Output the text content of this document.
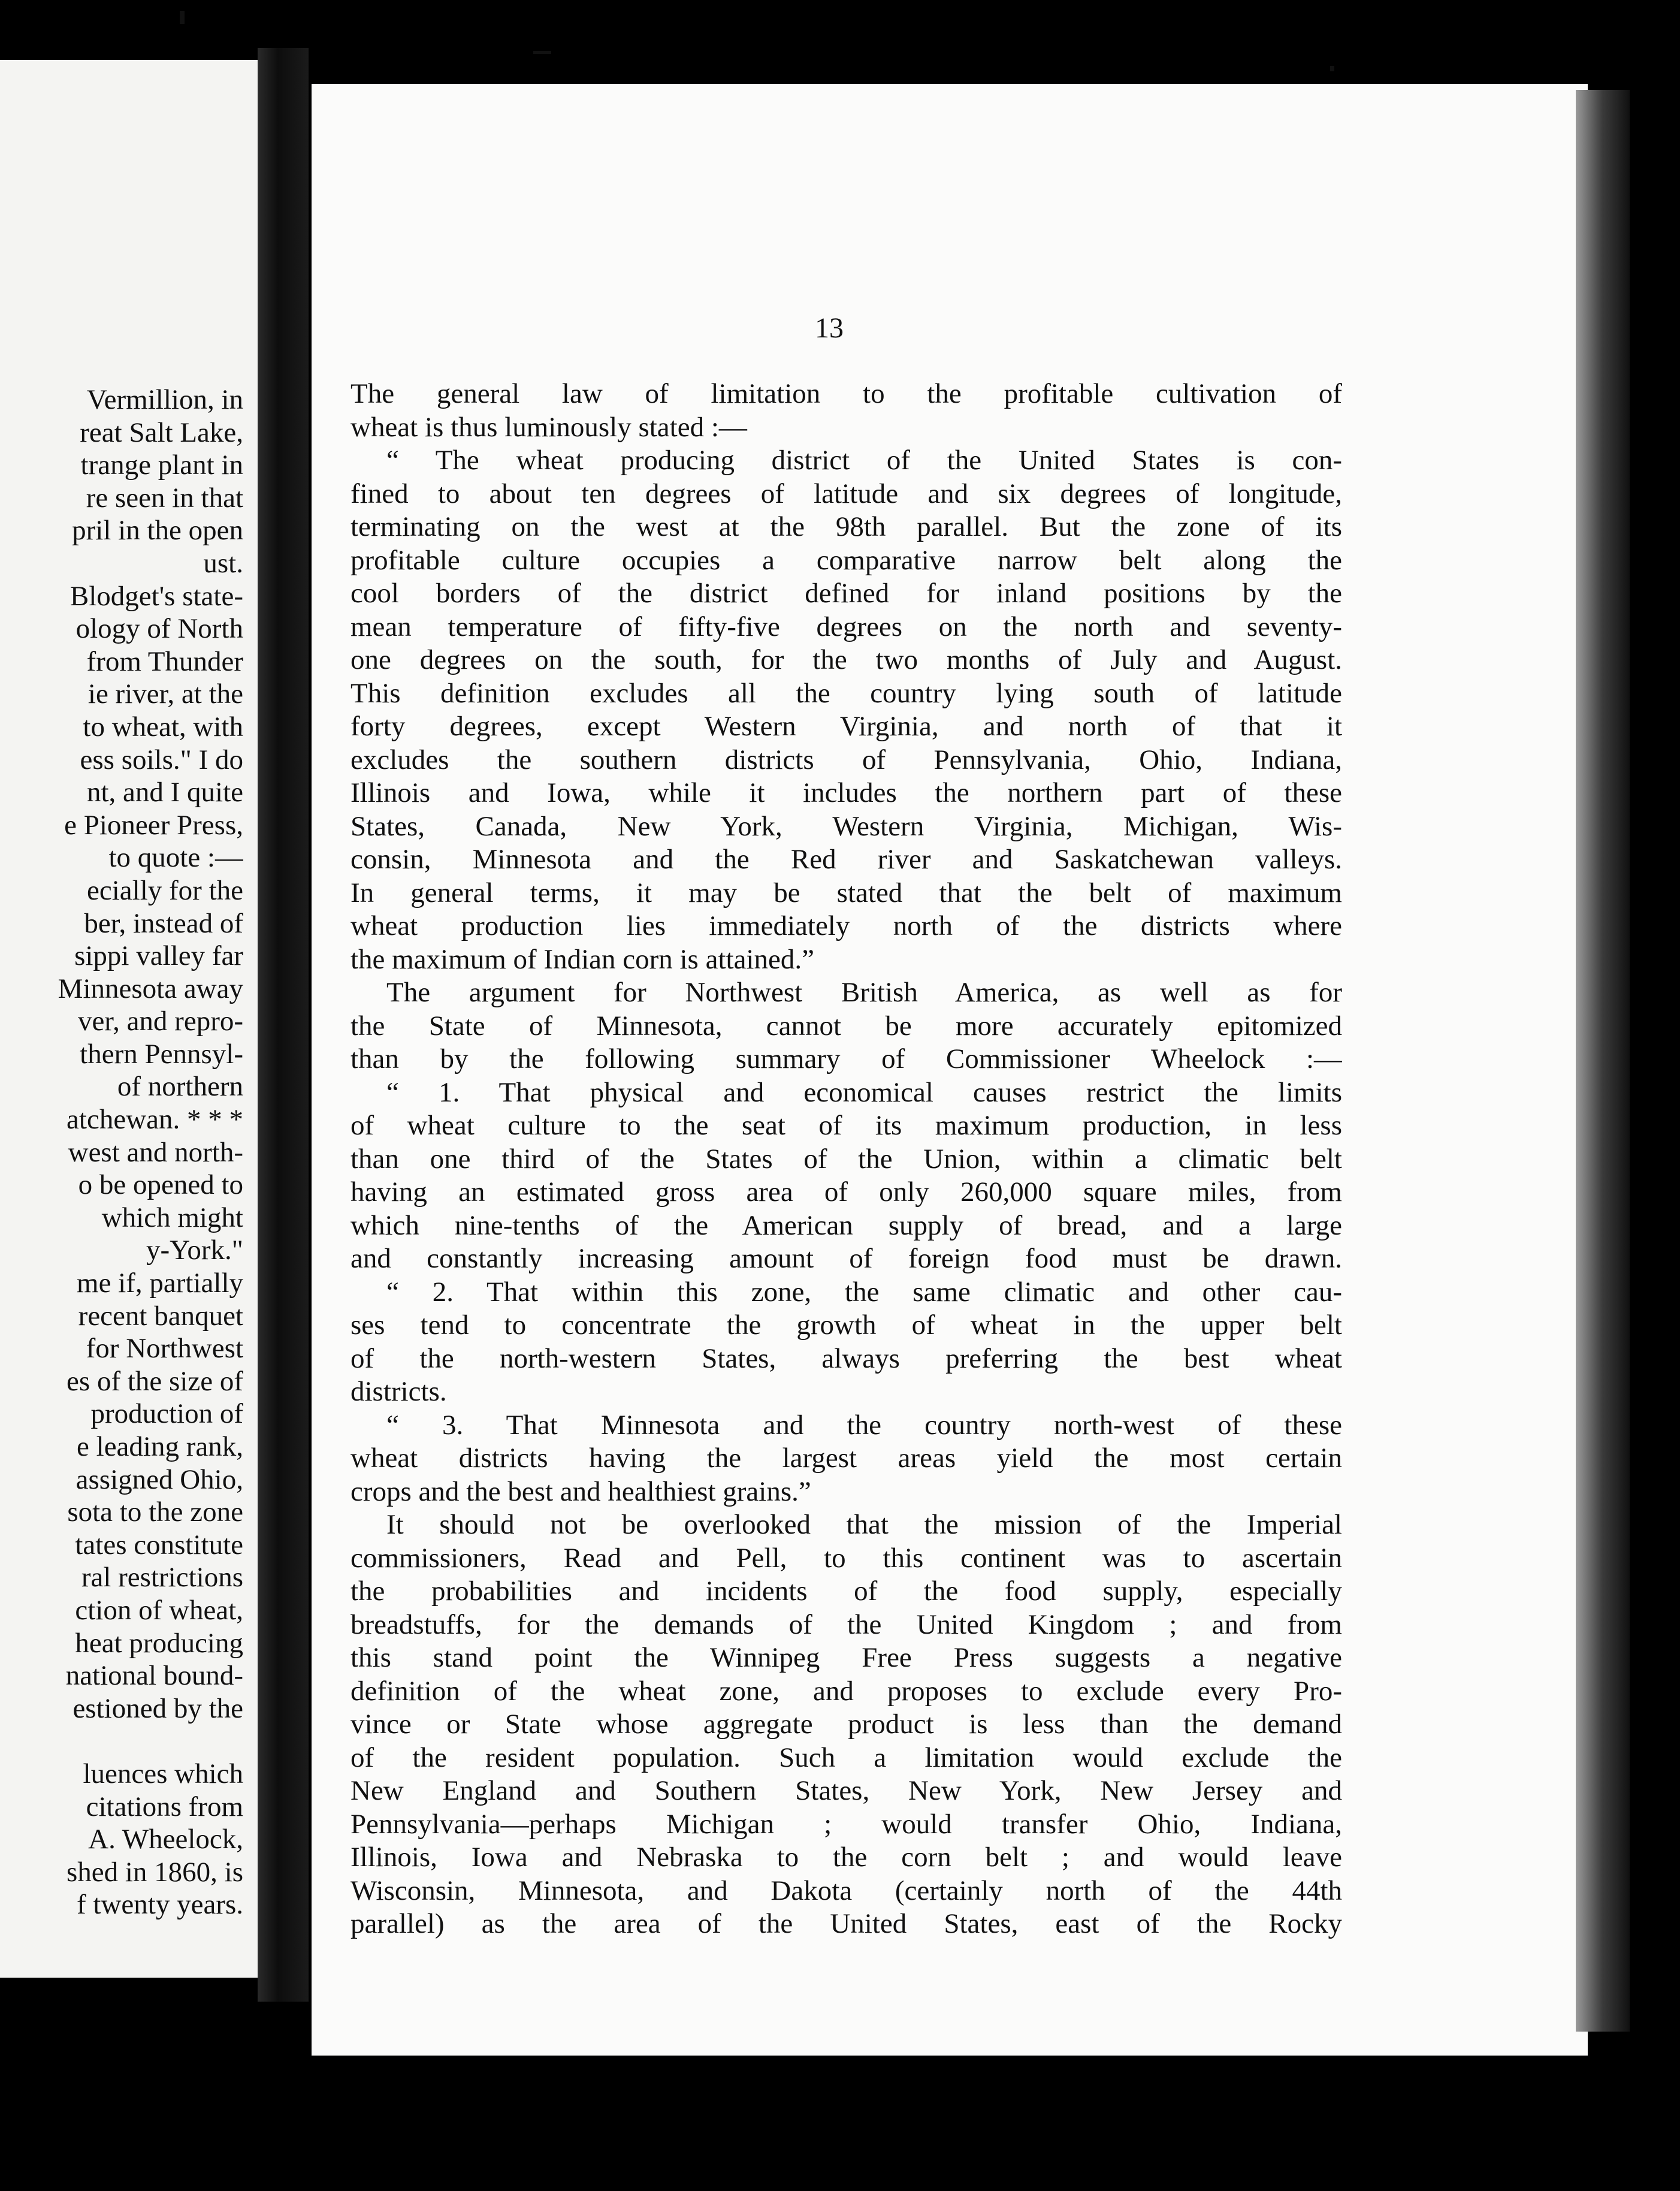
Vermillion, in
reat Salt Lake,
trange plant in
re seen in that
pril in the open
ust.
Blodget's state-
ology of North
from Thunder
ie river, at the
to wheat, with
ess soils." I do
nt, and I quite
e Pioneer Press,
to quote :—
ecially for the
ber, instead of
sippi valley far
Minnesota away
ver, and repro-
thern Pennsyl-
of northern
atchewan. * * *
west and north-
o be opened to
which might
y-York."
me if, partially
recent banquet
for Northwest
es of the size of
production of
e leading rank,
assigned Ohio,
sota to the zone
tates constitute
ral restrictions
ction of wheat,
heat producing
national bound-
estioned by the
luences which
citations from
A. Wheelock,
shed in 1860, is
f twenty years.
13
The general law of limitation to the profitable cultivation of
wheat is thus luminously stated :—
“ The wheat producing district of the United States is con-
fined to about ten degrees of latitude and six degrees of longitude,
terminating on the west at the 98th parallel. But the zone of its
profitable culture occupies a comparative narrow belt along the
cool borders of the district defined for inland positions by the
mean temperature of fifty-five degrees on the north and seventy-
one degrees on the south, for the two months of July and August.
This definition excludes all the country lying south of latitude
forty degrees, except Western Virginia, and north of that it
excludes the southern districts of Pennsylvania, Ohio, Indiana,
Illinois and Iowa, while it includes the northern part of these
States, Canada, New York, Western Virginia, Michigan, Wis-
consin, Minnesota and the Red river and Saskatchewan valleys.
In general terms, it may be stated that the belt of maximum
wheat production lies immediately north of the districts where
the maximum of Indian corn is attained.”
The argument for Northwest British America, as well as for
the State of Minnesota, cannot be more accurately epitomized
than by the following summary of Commissioner Wheelock :—
“ 1. That physical and economical causes restrict the limits
of wheat culture to the seat of its maximum production, in less
than one third of the States of the Union, within a climatic belt
having an estimated gross area of only 260,000 square miles, from
which nine-tenths of the American supply of bread, and a large
and constantly increasing amount of foreign food must be drawn.
“ 2. That within this zone, the same climatic and other cau-
ses tend to concentrate the growth of wheat in the upper belt
of the north-western States, always preferring the best wheat
districts.
“ 3. That Minnesota and the country north-west of these
wheat districts having the largest areas yield the most certain
crops and the best and healthiest grains.”
It should not be overlooked that the mission of the Imperial
commissioners, Read and Pell, to this continent was to ascertain
the probabilities and incidents of the food supply, especially
breadstuffs, for the demands of the United Kingdom ; and from
this stand point the Winnipeg Free Press suggests a negative
definition of the wheat zone, and proposes to exclude every Pro-
vince or State whose aggregate product is less than the demand
of the resident population. Such a limitation would exclude the
New England and Southern States, New York, New Jersey and
Pennsylvania—perhaps Michigan ; would transfer Ohio, Indiana,
Illinois, Iowa and Nebraska to the corn belt ; and would leave
Wisconsin, Minnesota, and Dakota (certainly north of the 44th
parallel) as the area of the United States, east of the Rocky
